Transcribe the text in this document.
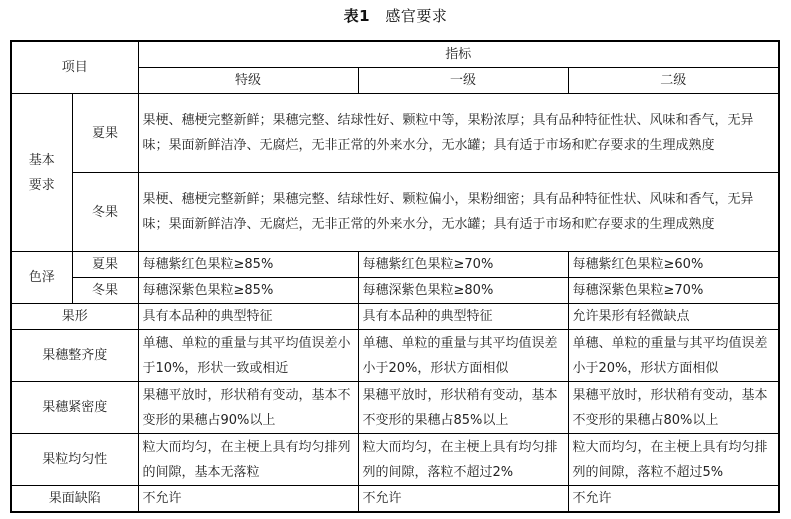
表1 感官要求
项目		指标		
		特级	一级	二级
基本要求	夏果	果梗、穗梗完整新鲜；果穗完整、结球性好、颗粒中等，果粉浓厚；具有品种特征性状、风味和香气，无异味；果面新鲜洁净、无腐烂，无非正常的外来水分，无水罐；具有适于市场和贮存要求的生理成熟度		
	冬果	果梗、穗梗完整新鲜；果穗完整、结球性好、颗粒偏小，果粉细密；具有品种特征性状、风味和香气，无异味；果面新鲜洁净、无腐烂，无非正常的外来水分，无水罐；具有适于市场和贮存要求的生理成熟度		
色泽	夏果	每穗紫红色果粒≥85%	每穗紫红色果粒≥70%	每穗紫红色果粒≥60%
	冬果	每穗深紫色果粒≥85%	每穗深紫色果粒≥80%	每穗深紫色果粒≥70%
果形		具有本品种的典型特征	具有本品种的典型特征	允许果形有轻微缺点
果穗整齐度		单穗、单粒的重量与其平均值误差小于10%，形状一致或相近	单穗、单粒的重量与其平均值误差小于20%，形状方面相似	单穗、单粒的重量与其平均值误差小于20%，形状方面相似
果穗紧密度		果穗平放时，形状稍有变动，基本不变形的果穗占90%以上	果穗平放时，形状稍有变动，基本不变形的果穗占85%以上	果穗平放时，形状稍有变动，基本不变形的果穗占80%以上
果粒均匀性		粒大而均匀，在主梗上具有均匀排列的间隙，基本无落粒	粒大而均匀，在主梗上具有均匀排列的间隙，落粒不超过2%	粒大而均匀，在主梗上具有均匀排列的间隙，落粒不超过5%
果面缺陷		不允许	不允许	不允许
